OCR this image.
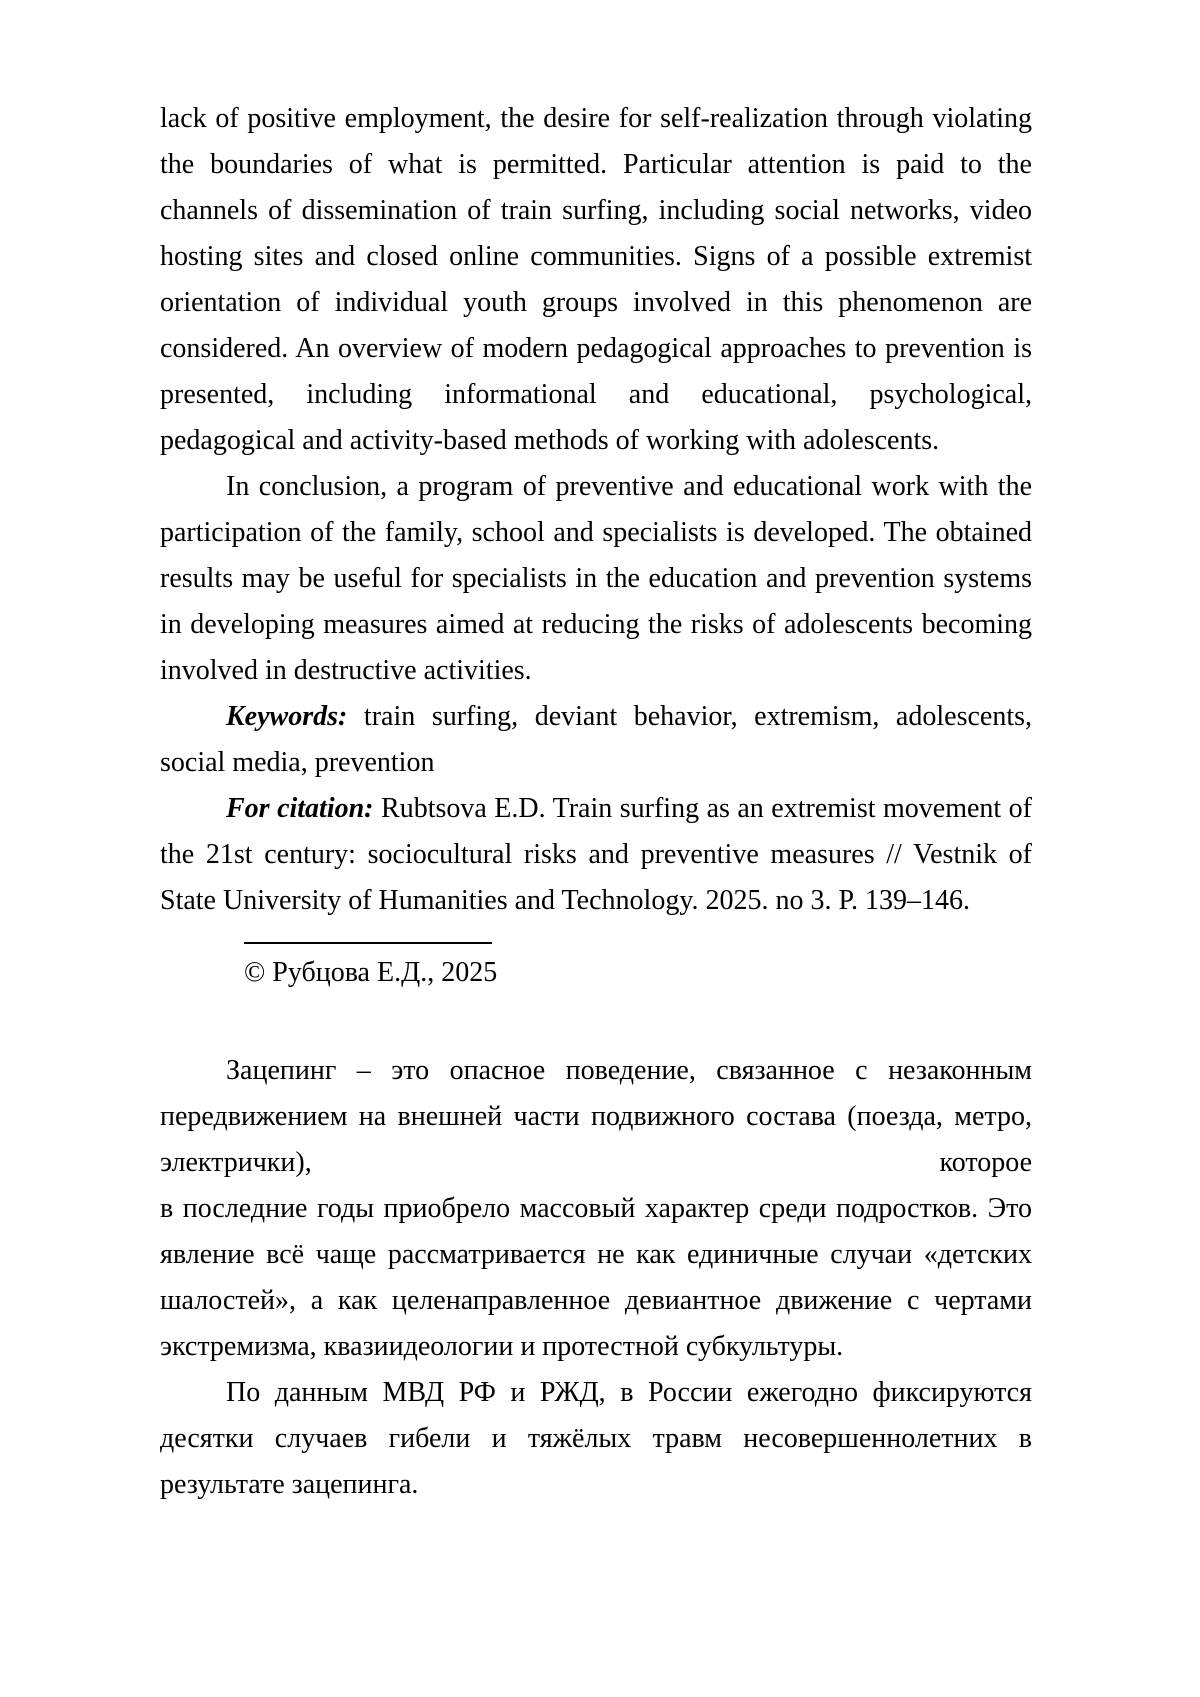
lack of positive employment, the desire for self-realization through violating the boundaries of what is permitted. Particular attention is paid to the channels of dissemination of train surfing, including social networks, video hosting sites and closed online communities. Signs of a possible extremist orientation of individual youth groups involved in this phenomenon are considered. An overview of modern pedagogical approaches to prevention is presented, including informational and educational, psychological, pedagogical and activity-based methods of working with adolescents.

In conclusion, a program of preventive and educational work with the participation of the family, school and specialists is developed. The obtained results may be useful for specialists in the education and prevention systems in developing measures aimed at reducing the risks of adolescents becoming involved in destructive activities.

Keywords: train surfing, deviant behavior, extremism, adolescents, social media, prevention

For citation: Rubtsova E.D. Train surfing as an extremist movement of the 21st century: sociocultural risks and preventive measures // Vestnik of State University of Humanities and Technology. 2025. no 3. P. 139–146.

© Рубцова Е.Д., 2025

Зацепинг – это опасное поведение, связанное с незаконным передвижением на внешней части подвижного состава (поезда, метро,

электрички),	которое

в последние годы приобрело массовый характер среди подростков. Это явление всё чаще рассматривается не как единичные случаи «детских шалостей», а как целенаправленное девиантное движение с чертами экстремизма, квазиидеологии и протестной субкультуры.

По данным МВД РФ и РЖД, в России ежегодно фиксируются десятки случаев гибели и тяжёлых травм несовершеннолетних в результате зацепинга.
